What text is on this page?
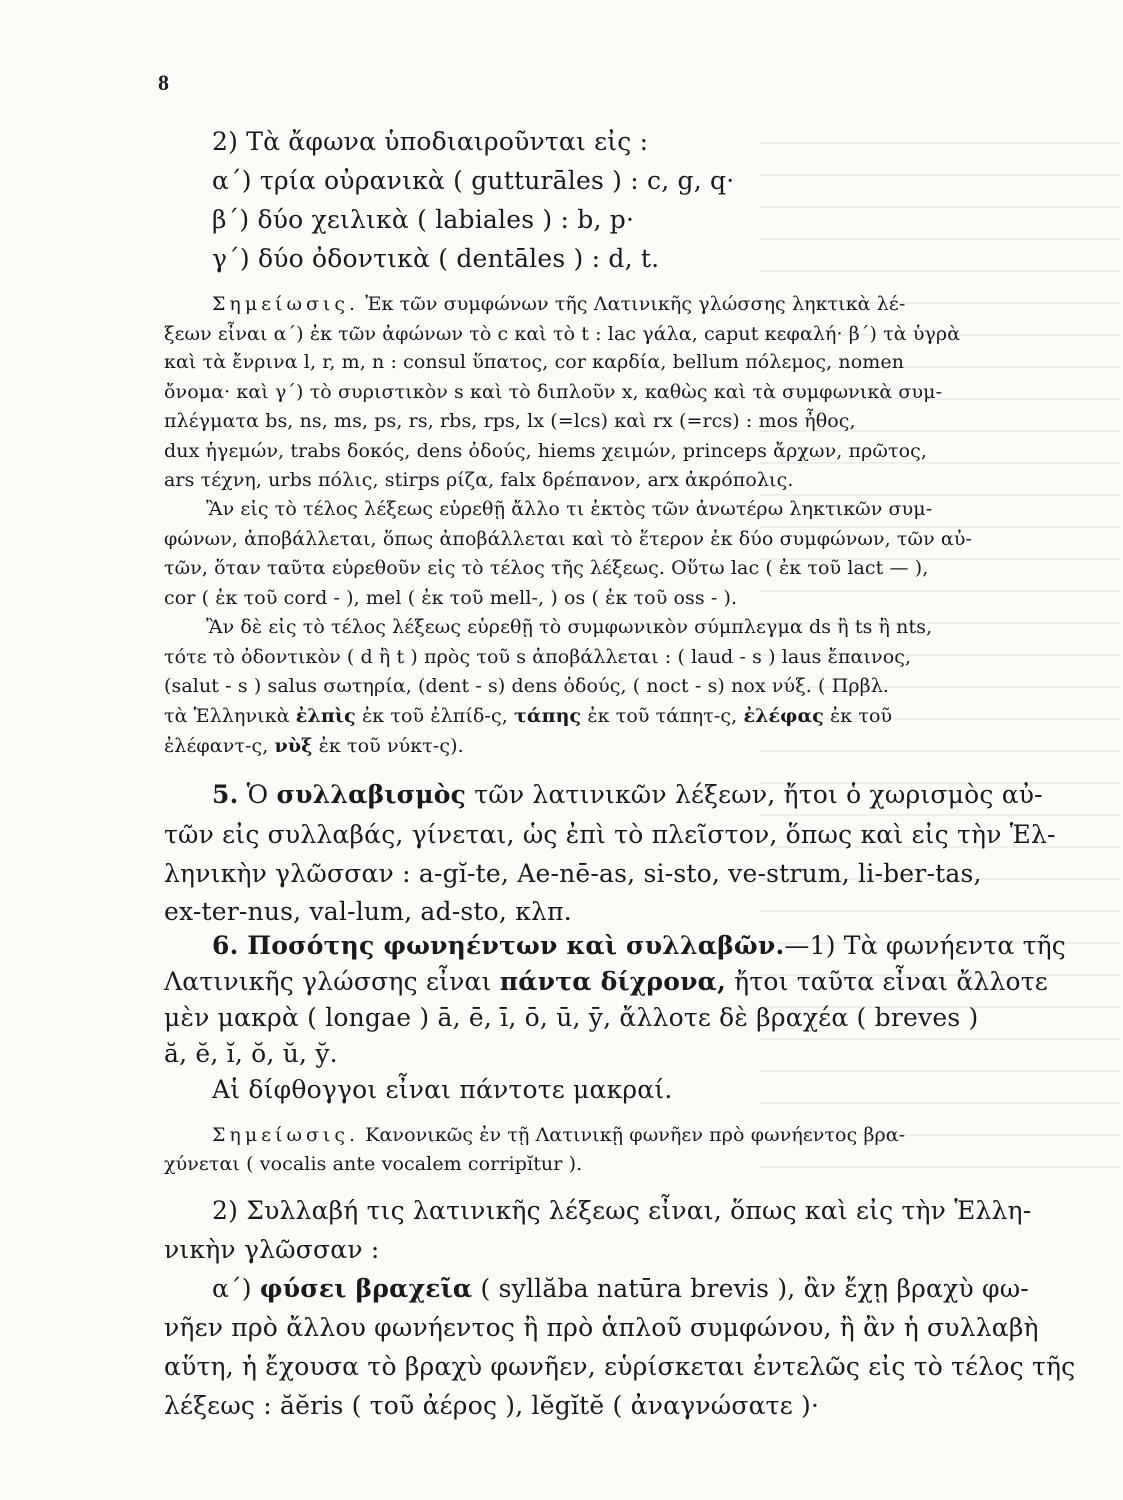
8
2) Τὰ ἄφωνα ὑποδιαιροῦνται εἰς :
α΄) τρία οὐρανικὰ ( gutturāles ) : c, g, q·
β΄) δύο χειλικὰ ( labiales ) : b, p·
γ΄) δύο ὀδοντικὰ ( dentāles ) : d, t.
Σημείωσις. Ἐκ τῶν συμφώνων τῆς Λατινικῆς γλώσσης ληκτικὰ λέ-
ξεων εἶναι α΄) ἐκ τῶν ἀφώνων τὸ c καὶ τὸ t : lac γάλα, caput κεφαλή· β΄) τὰ ὑγρὰ
καὶ τὰ ἔνρινα l, r, m, n : consul ὕπατος, cor καρδία, bellum πόλεμος, nomen
ὄνομα· καὶ γ΄) τὸ συριστικὸν s καὶ τὸ διπλοῦν x, καθὼς καὶ τὰ συμφωνικὰ συμ-
πλέγματα bs, ns, ms, ps, rs, rbs, rps, lx (=lcs) καὶ rx (=rcs) : mos ἦθος,
dux ἡγεμών, trabs δοκός, dens ὀδούς, hiems χειμών, princeps ἄρχων, πρῶτος,
ars τέχνη, urbs πόλις, stirps ρίζα, falx δρέπανον, arx ἀκρόπολις.
Ἂν εἰς τὸ τέλος λέξεως εὑρεθῇ ἄλλο τι ἐκτὸς τῶν ἀνωτέρω ληκτικῶν συμ-
φώνων, ἀποβάλλεται, ὅπως ἀποβάλλεται καὶ τὸ ἕτερον ἐκ δύο συμφώνων, τῶν αὐ-
τῶν, ὅταν ταῦτα εὑρεθοῦν εἰς τὸ τέλος τῆς λέξεως. Οὕτω lac ( ἐκ τοῦ lact — ),
cor ( ἐκ τοῦ cord - ), mel ( ἐκ τοῦ mell-, ) os ( ἐκ τοῦ oss - ).
Ἂν δὲ εἰς τὸ τέλος λέξεως εὑρεθῇ τὸ συμφωνικὸν σύμπλεγμα ds ἢ ts ἢ nts,
τότε τὸ ὀδοντικὸν ( d ἢ t ) πρὸς τοῦ s ἀποβάλλεται : ( laud - s ) laus ἔπαινος,
(salut - s ) salus σωτηρία, (dent - s) dens ὀδούς, ( noct - s) nox νύξ. ( Πρβλ.
τὰ Ἑλληνικὰ ἐλπὶς ἐκ τοῦ ἐλπίδ-ς, τάπης ἐκ τοῦ τάπητ-ς, ἐλέφας ἐκ τοῦ
ἐλέφαντ-ς, νὺξ ἐκ τοῦ νύκτ-ς).
5. Ὁ συλλαβισμὸς τῶν λατινικῶν λέξεων, ἤτοι ὁ χωρισμὸς αὐ-
τῶν εἰς συλλαβάς, γίνεται, ὡς ἐπὶ τὸ πλεῖστον, ὅπως καὶ εἰς τὴν Ἑλ-
ληνικὴν γλῶσσαν : a-gĭ-te, Ae-nē-as, si-sto, ve-strum, li-ber-tas,
ex-ter-nus, val-lum, ad-sto, κλπ.
6. Ποσότης φωνηέντων καὶ συλλαβῶν.—1) Τὰ φωνήεντα τῆς
Λατινικῆς γλώσσης εἶναι πάντα δίχρονα, ἤτοι ταῦτα εἶναι ἄλλοτε
μὲν μακρὰ ( longae ) ā, ē, ī, ō, ū, ȳ, ἄλλοτε δὲ βραχέα ( breves )
ă, ĕ, ĭ, ŏ, ŭ, y̆.
Αἱ δίφθογγοι εἶναι πάντοτε μακραί.
Σημείωσις. Κανονικῶς ἐν τῇ Λατινικῇ φωνῆεν πρὸ φωνήεντος βρα-
χύνεται ( vocalis ante vocalem corripĭtur ).
2) Συλλαβή τις λατινικῆς λέξεως εἶναι, ὅπως καὶ εἰς τὴν Ἑλλη-
νικὴν γλῶσσαν :
α΄) φύσει βραχεῖα ( syllăba natūra brevis ), ἂν ἔχῃ βραχὺ φω-
νῆεν πρὸ ἄλλου φωνήεντος ἢ πρὸ ἁπλοῦ συμφώνου, ἢ ἂν ἡ συλλαβὴ
αὕτη, ἡ ἔχουσα τὸ βραχὺ φωνῆεν, εὑρίσκεται ἐντελῶς εἰς τὸ τέλος τῆς
λέξεως : ăĕris ( τοῦ ἀέρος ), lĕgĭtĕ ( ἀναγνώσατε )·
